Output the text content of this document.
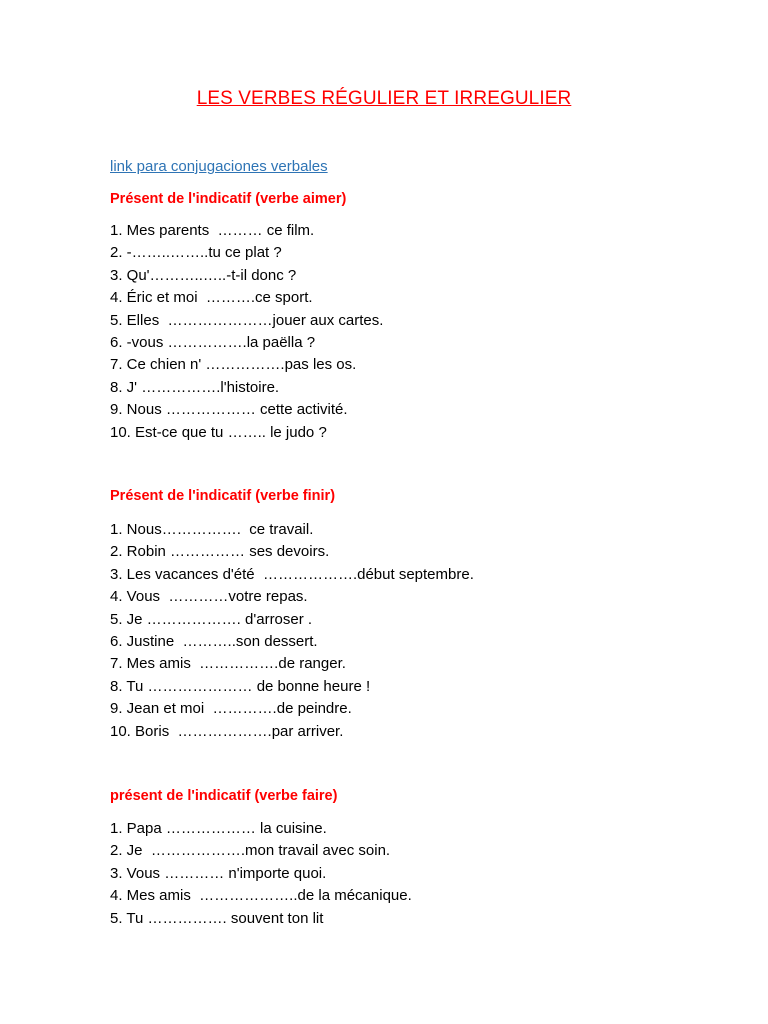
LES VERBES RÉGULIER ET IRREGULIER
link para conjugaciones verbales
Présent de l'indicatif (verbe aimer)
1. Mes parents  ……… ce film.
2. -……..……..tu ce plat ?
3. Qu'………..…..-t-il donc ?
4. Éric et moi  ……….ce sport.
5. Elles  …………………jouer aux cartes.
6. -vous …………….la paëlla ?
7. Ce chien n' …………….pas les os.
8. J' …………….l'histoire.
9. Nous ……………… cette activité.
10. Est-ce que tu …….. le judo ?
Présent de l'indicatif (verbe finir)
1. Nous…………….  ce travail.
2. Robin …………… ses devoirs.
3. Les vacances d'été  ……………….début septembre.
4. Vous  …………votre repas.
5. Je ………………. d'arroser .
6. Justine  ………..son dessert.
7. Mes amis  …………….de ranger.
8. Tu ………………… de bonne heure !
9. Jean et moi  ………….de peindre.
10. Boris  ……………….par arriver.
présent de l'indicatif (verbe faire)
1. Papa ……………… la cuisine.
2. Je  ……………….mon travail avec soin.
3. Vous ………… n'importe quoi.
4. Mes amis  ………………..de la mécanique.
5. Tu ……………. souvent ton lit
